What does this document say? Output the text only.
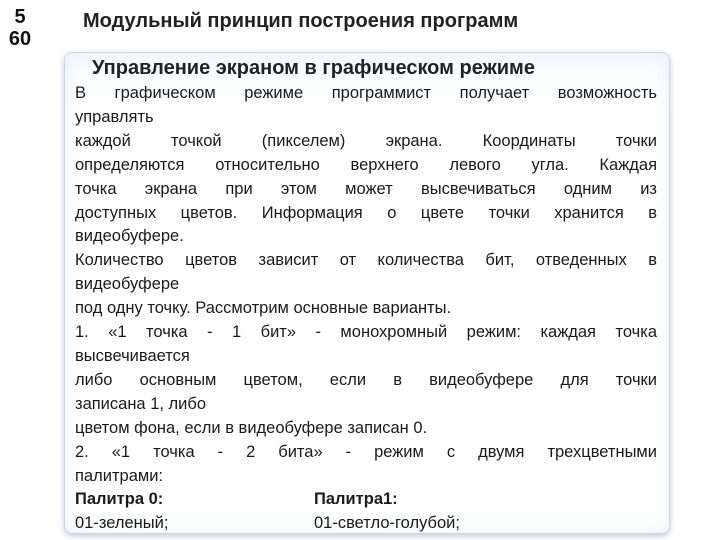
5
60
Модульный принцип построения программ
Управление экраном в графическом режиме
В графическом режиме программист получает возможность
управлять
каждой точкой (пикселем) экрана. Координаты точки
определяются относительно верхнего левого угла. Каждая
точка экрана при этом может высвечиваться одним из
доступных цветов. Информация о цвете точки хранится в
видеобуфере.
Количество цветов зависит от количества бит, отведенных в
видеобуфере
под одну точку. Рассмотрим основные варианты.
1. «1 точка - 1 бит» - монохромный режим: каждая точка
высвечивается
либо основным цветом, если в видеобуфере для точки
записана 1, либо
цветом фона, если в видеобуфере записан 0.
2. «1 точка - 2 бита» - режим с двумя трехцветными
палитрами:
Палитра 0:	Палитра1:
01-зеленый;	01-светло-голубой;
